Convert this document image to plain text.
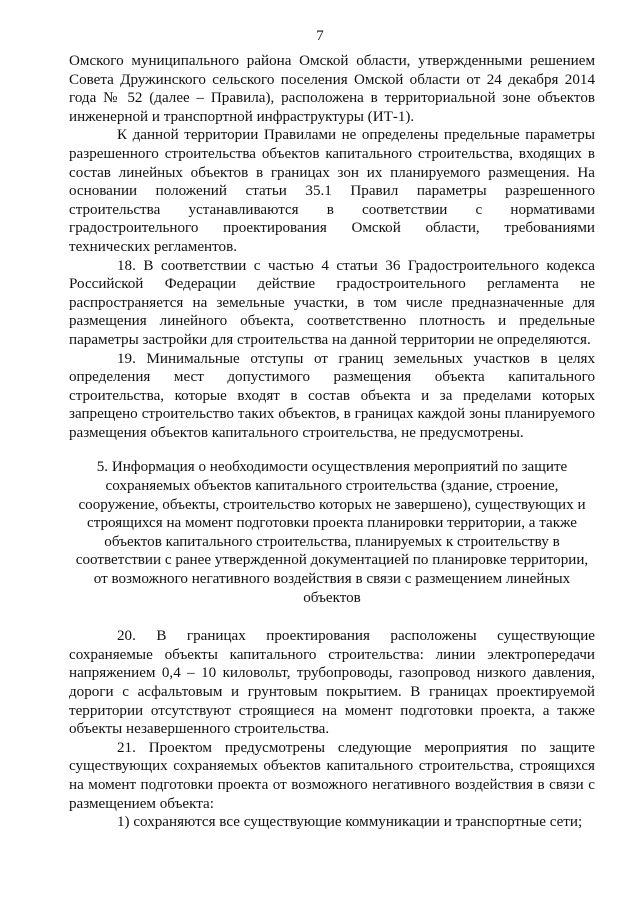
7

Омского муниципального района Омской области, утвержденными решением Совета Дружинского сельского поселения Омской области от 24 декабря 2014 года № 52 (далее – Правила), расположена в территориальной зоне объектов инженерной и транспортной инфраструктуры (ИТ-1).

К данной территории Правилами не определены предельные параметры разрешенного строительства объектов капитального строительства, входящих в состав линейных объектов в границах зон их планируемого размещения. На основании положений статьи 35.1 Правил параметры разрешенного строительства устанавливаются в соответствии с нормативами градостроительного проектирования Омской области, требованиями технических регламентов.

18. В соответствии с частью 4 статьи 36 Градостроительного кодекса Российской Федерации действие градостроительного регламента не распространяется на земельные участки, в том числе предназначенные для размещения линейного объекта, соответственно плотность и предельные параметры застройки для строительства на данной территории не определяются.

19. Минимальные отступы от границ земельных участков в целях определения мест допустимого размещения объекта капитального строительства, которые входят в состав объекта и за пределами которых запрещено строительство таких объектов, в границах каждой зоны планируемого размещения объектов капитального строительства, не предусмотрены.

5. Информация о необходимости осуществления мероприятий по защите сохраняемых объектов капитального строительства (здание, строение, сооружение, объекты, строительство которых не завершено), существующих и строящихся на момент подготовки проекта планировки территории, а также объектов капитального строительства, планируемых к строительству в соответствии с ранее утвержденной документацией по планировке территории, от возможного негативного воздействия в связи с размещением линейных объектов

20. В границах проектирования расположены существующие сохраняемые объекты капитального строительства: линии электропередачи напряжением 0,4 – 10 киловольт, трубопроводы, газопровод низкого давления, дороги с асфальтовым и грунтовым покрытием. В границах проектируемой территории отсутствуют строящиеся на момент подготовки проекта, а также объекты незавершенного строительства.

21. Проектом предусмотрены следующие мероприятия по защите существующих сохраняемых объектов капитального строительства, строящихся на момент подготовки проекта от возможного негативного воздействия в связи с размещением объекта:

1) сохраняются все существующие коммуникации и транспортные сети;
